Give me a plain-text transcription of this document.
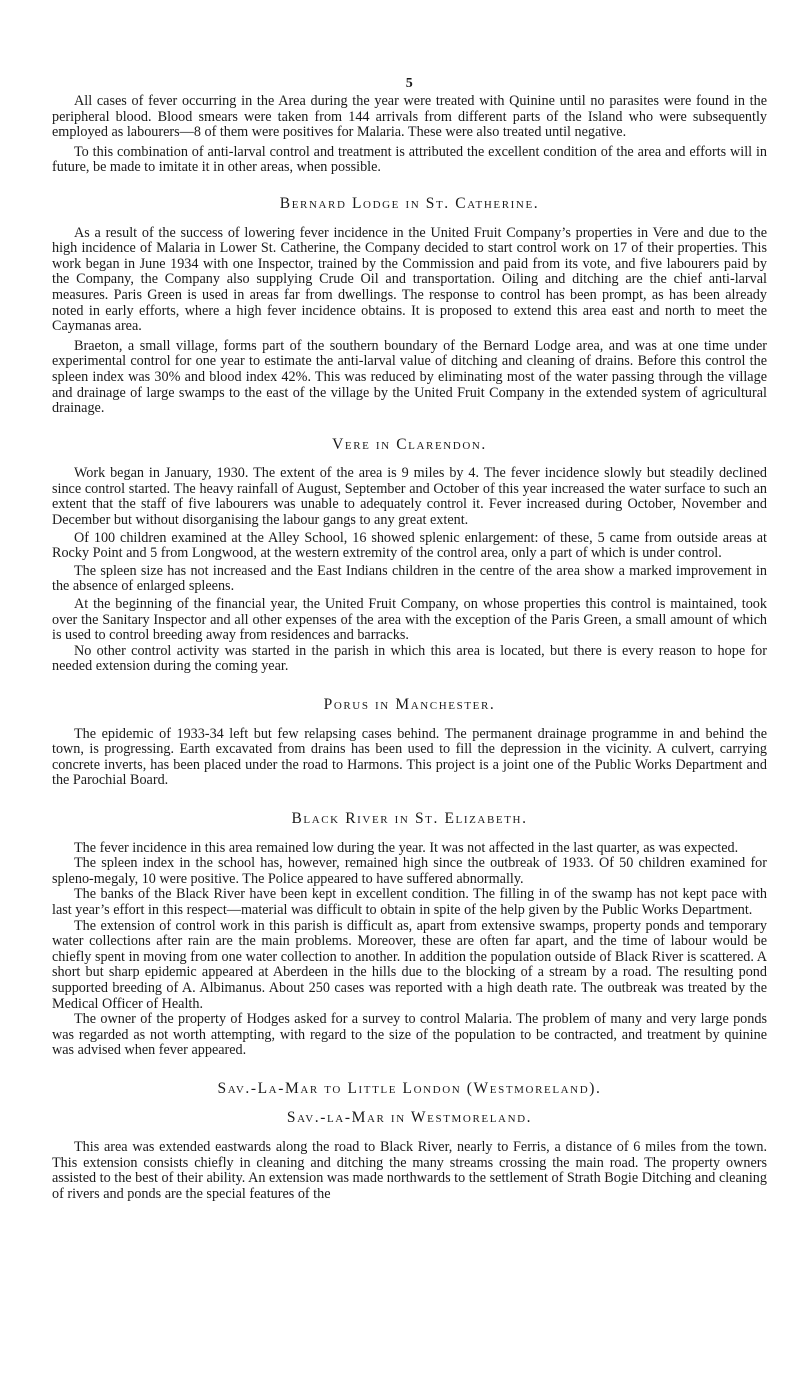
5

All cases of fever occurring in the Area during the year were treated with Quinine until no parasites were found in the peripheral blood. Blood smears were taken from 144 arrivals from different parts of the Island who were subsequently employed as labourers—8 of them were positives for Malaria. These were also treated until negative.

To this combination of anti-larval control and treatment is attributed the excellent condition of the area and efforts will in future, be made to imitate it in other areas, when possible.

Bernard Lodge in St. Catherine.

As a result of the success of lowering fever incidence in the United Fruit Company’s properties in Vere and due to the high incidence of Malaria in Lower St. Catherine, the Company decided to start control work on 17 of their properties. This work began in June 1934 with one Inspector, trained by the Commission and paid from its vote, and five labourers paid by the Company, the Company also supplying Crude Oil and transportation. Oiling and ditching are the chief anti-larval measures. Paris Green is used in areas far from dwellings. The response to control has been prompt, as has been already noted in early efforts, where a high fever incidence obtains. It is proposed to extend this area east and north to meet the Caymanas area.

Braeton, a small village, forms part of the southern boundary of the Bernard Lodge area, and was at one time under experimental control for one year to estimate the anti-larval value of ditching and cleaning of drains. Before this control the spleen index was 30% and blood index 42%. This was reduced by eliminating most of the water passing through the village and drainage of large swamps to the east of the village by the United Fruit Company in the extended system of agricultural drainage.

Vere in Clarendon.

Work began in January, 1930. The extent of the area is 9 miles by 4. The fever incidence slowly but steadily declined since control started. The heavy rainfall of August, September and October of this year increased the water surface to such an extent that the staff of five labourers was unable to adequately control it. Fever increased during October, November and December but without disorganising the labour gangs to any great extent.

Of 100 children examined at the Alley School, 16 showed splenic enlargement: of these, 5 came from outside areas at Rocky Point and 5 from Longwood, at the western extremity of the control area, only a part of which is under control.

The spleen size has not increased and the East Indians children in the centre of the area show a marked improvement in the absence of enlarged spleens.

At the beginning of the financial year, the United Fruit Company, on whose properties this control is maintained, took over the Sanitary Inspector and all other expenses of the area with the exception of the Paris Green, a small amount of which is used to control breeding away from residences and barracks.

No other control activity was started in the parish in which this area is located, but there is every reason to hope for needed extension during the coming year.

Porus in Manchester.

The epidemic of 1933-34 left but few relapsing cases behind. The permanent drainage programme in and behind the town, is progressing. Earth excavated from drains has been used to fill the depression in the vicinity. A culvert, carrying concrete inverts, has been placed under the road to Harmons. This project is a joint one of the Public Works Department and the Parochial Board.

Black River in St. Elizabeth.

The fever incidence in this area remained low during the year. It was not affected in the last quarter, as was expected.

The spleen index in the school has, however, remained high since the outbreak of 1933. Of 50 children examined for spleno-megaly, 10 were positive. The Police appeared to have suffered abnormally.

The banks of the Black River have been kept in excellent condition. The filling in of the swamp has not kept pace with last year’s effort in this respect—material was difficult to obtain in spite of the help given by the Public Works Department.

The extension of control work in this parish is difficult as, apart from extensive swamps, property ponds and temporary water collections after rain are the main problems. Moreover, these are often far apart, and the time of labour would be chiefly spent in moving from one water collection to another. In addition the population outside of Black River is scattered. A short but sharp epidemic appeared at Aberdeen in the hills due to the blocking of a stream by a road. The resulting pond supported breeding of A. Albimanus. About 250 cases was reported with a high death rate. The outbreak was treated by the Medical Officer of Health.

The owner of the property of Hodges asked for a survey to control Malaria. The problem of many and very large ponds was regarded as not worth attempting, with regard to the size of the population to be contracted, and treatment by quinine was advised when fever appeared.

Sav.-La-Mar to Little London (Westmoreland).
Sav.-la-Mar in Westmoreland.

This area was extended eastwards along the road to Black River, nearly to Ferris, a distance of 6 miles from the town. This extension consists chiefly in cleaning and ditching the many streams crossing the main road. The property owners assisted to the best of their ability. An extension was made northwards to the settlement of Strath Bogie Ditching and cleaning of rivers and ponds are the special features of the
